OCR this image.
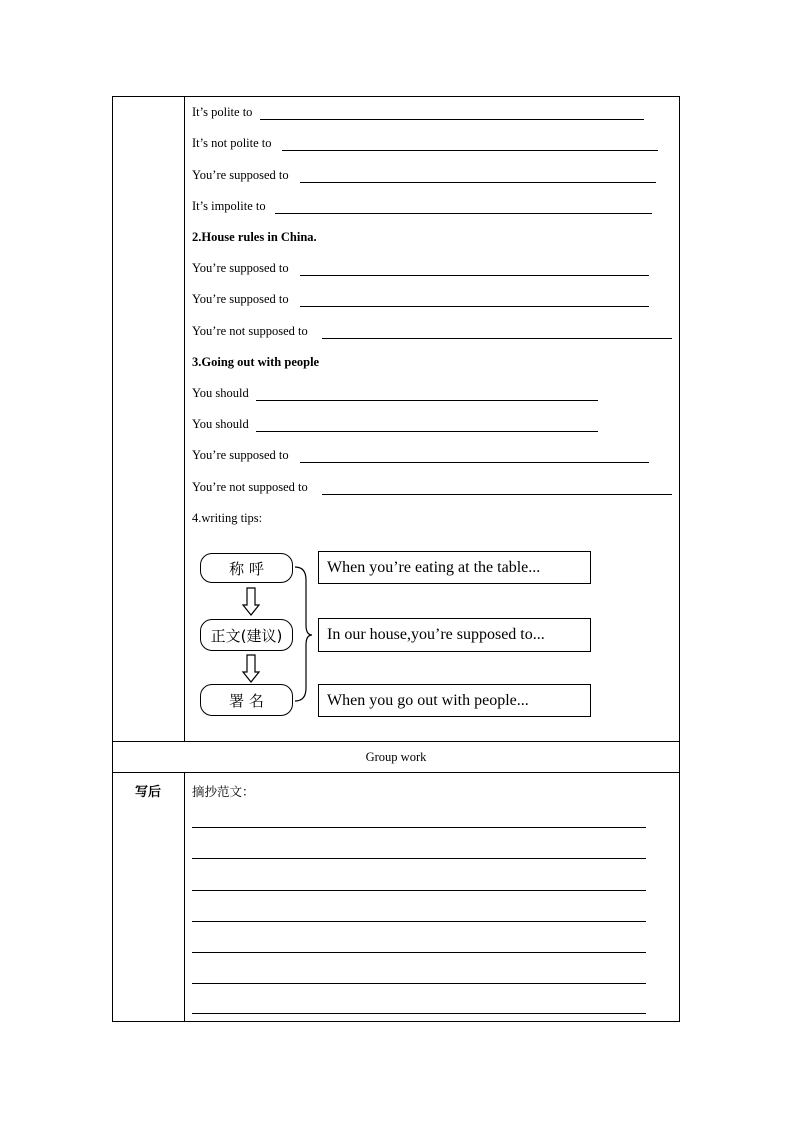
It’s polite to
It’s not polite to
You’re supposed to
It’s impolite to
2.House rules in China.
You’re supposed to
You’re supposed to
You’re not supposed to
3.Going out with people
You should
You should
You’re supposed to
You’re not supposed to
4.writing tips:
称 呼
正文(建议)
署 名
When you’re eating at the table...
In our house,you’re supposed to...
When you go out with people...
Group work
写后	摘抄范文：
